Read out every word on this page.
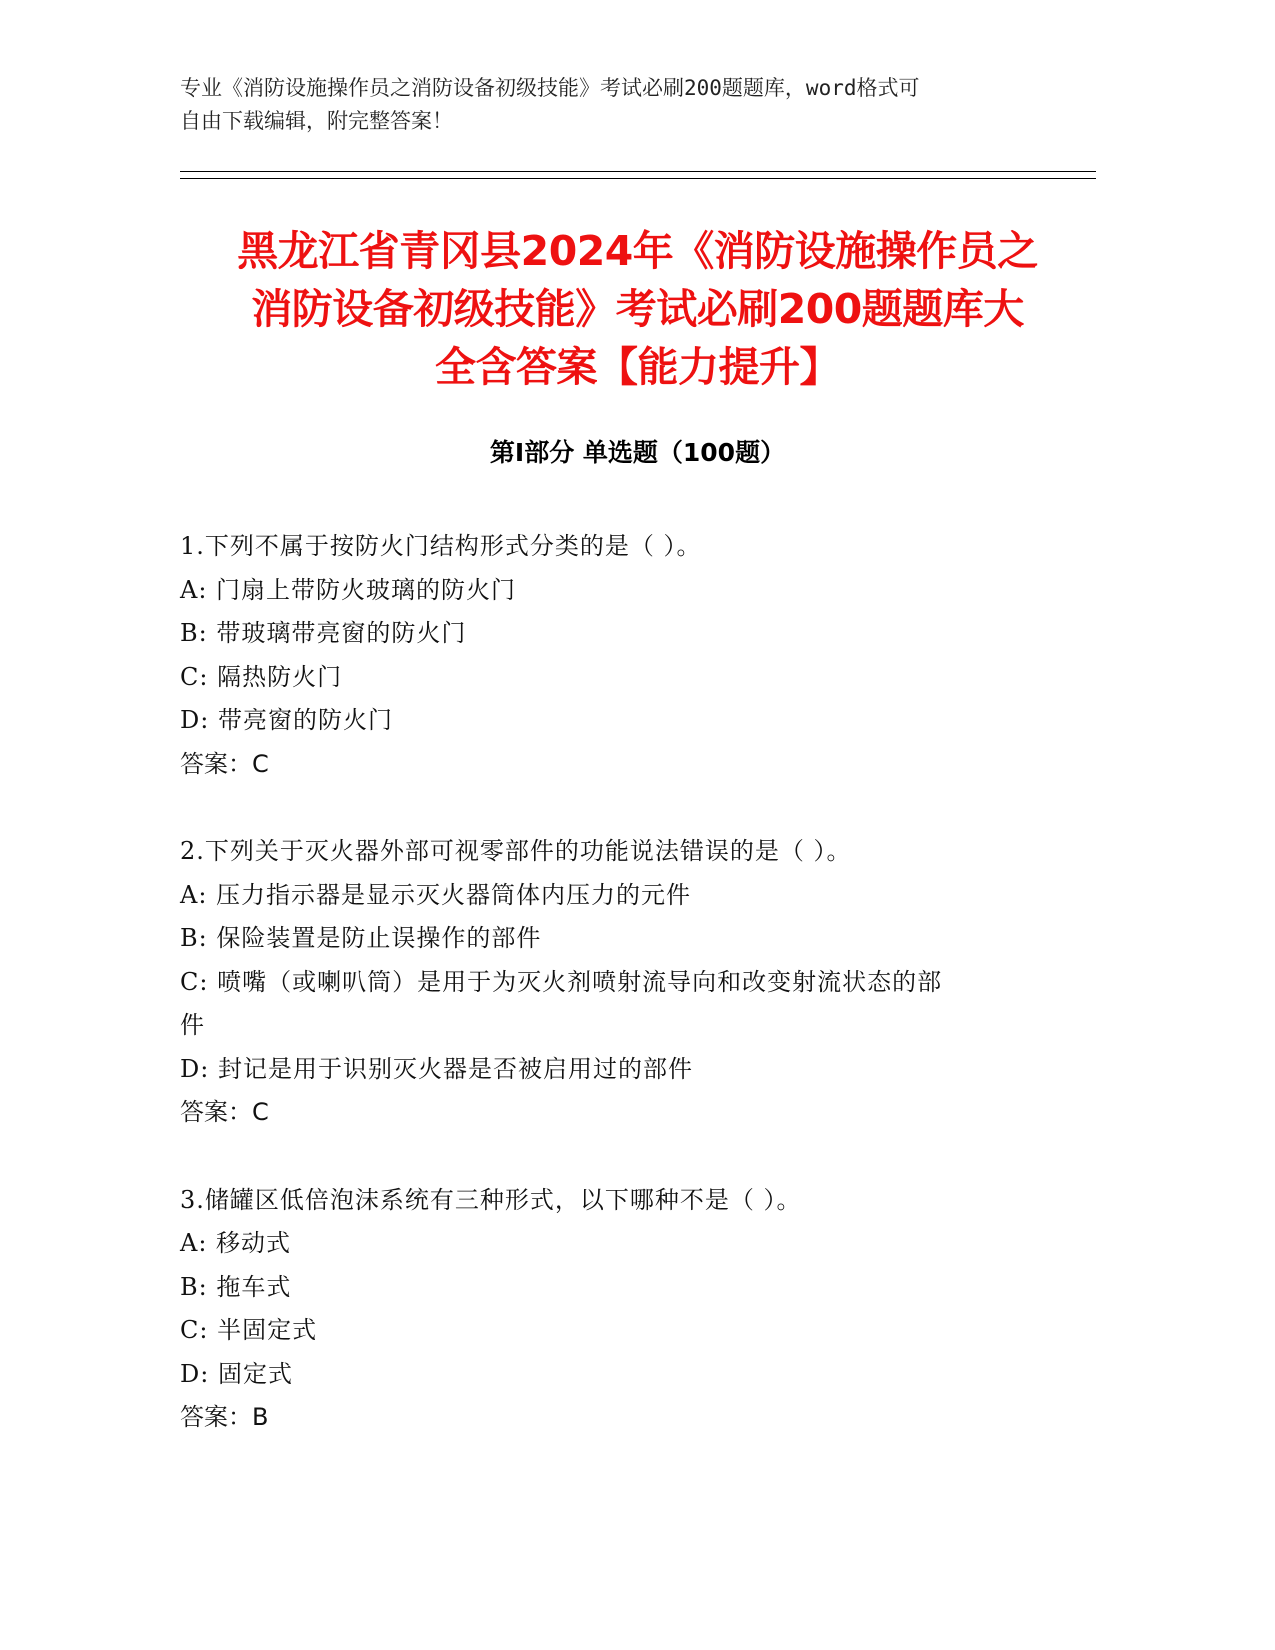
专业《消防设施操作员之消防设备初级技能》考试必刷200题题库，word格式可
自由下载编辑，附完整答案！
黑龙江省青冈县2024年《消防设施操作员之
消防设备初级技能》考试必刷200题题库大
全含答案【能力提升】
第Ⅰ部分 单选题（100题）
1.下列不属于按防火门结构形式分类的是（ ）。
A: 门扇上带防火玻璃的防火门
B: 带玻璃带亮窗的防火门
C: 隔热防火门
D: 带亮窗的防火门
答案：C
2.下列关于灭火器外部可视零部件的功能说法错误的是（ ）。
A: 压力指示器是显示灭火器筒体内压力的元件
B: 保险装置是防止误操作的部件
C: 喷嘴（或喇叭筒）是用于为灭火剂喷射流导向和改变射流状态的部
件
D: 封记是用于识别灭火器是否被启用过的部件
答案：C
3.储罐区低倍泡沫系统有三种形式，以下哪种不是（ ）。
A: 移动式
B: 拖车式
C: 半固定式
D: 固定式
答案：B
